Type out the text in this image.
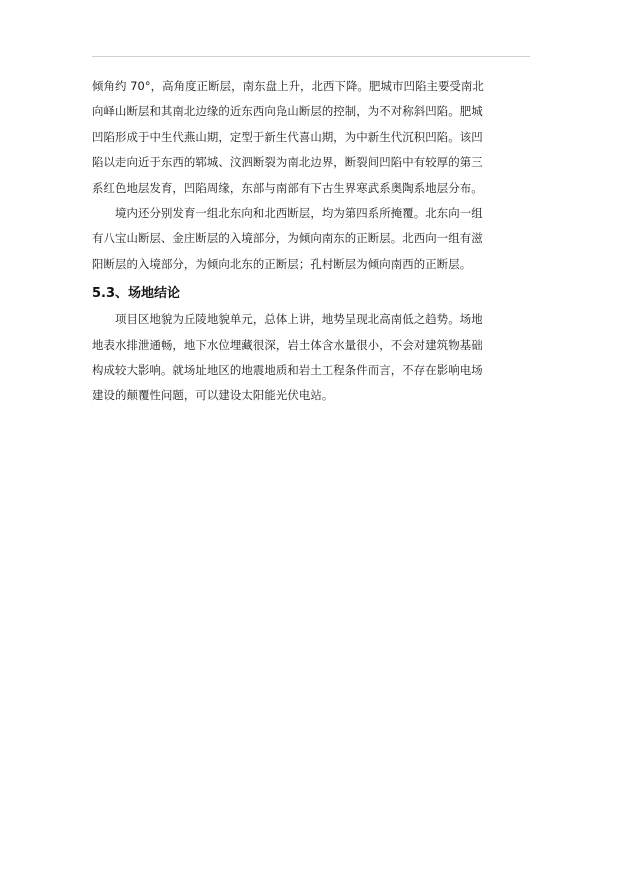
倾角约 70°，高角度正断层，南东盘上升，北西下降。肥城市凹陷主要受南北
向峄山断层和其南北边缘的近东西向凫山断层的控制，为不对称斜凹陷。肥城
凹陷形成于中生代燕山期，定型于新生代喜山期，为中新生代沉积凹陷。该凹
陷以走向近于东西的郓城、汶泗断裂为南北边界，断裂间凹陷中有较厚的第三
系红色地层发育，凹陷周缘，东部与南部有下古生界寒武系奥陶系地层分布。

境内还分别发育一组北东向和北西断层，均为第四系所掩覆。北东向一组
有八宝山断层、金庄断层的入境部分，为倾向南东的正断层。北西向一组有滋
阳断层的入境部分，为倾向北东的正断层；孔村断层为倾向南西的正断层。

5.3、场地结论

项目区地貌为丘陵地貌单元，总体上讲，地势呈现北高南低之趋势。场地
地表水排泄通畅，地下水位埋藏很深，岩土体含水量很小，不会对建筑物基础
构成较大影响。就场址地区的地震地质和岩土工程条件而言，不存在影响电场
建设的颠覆性问题，可以建设太阳能光伏电站。
